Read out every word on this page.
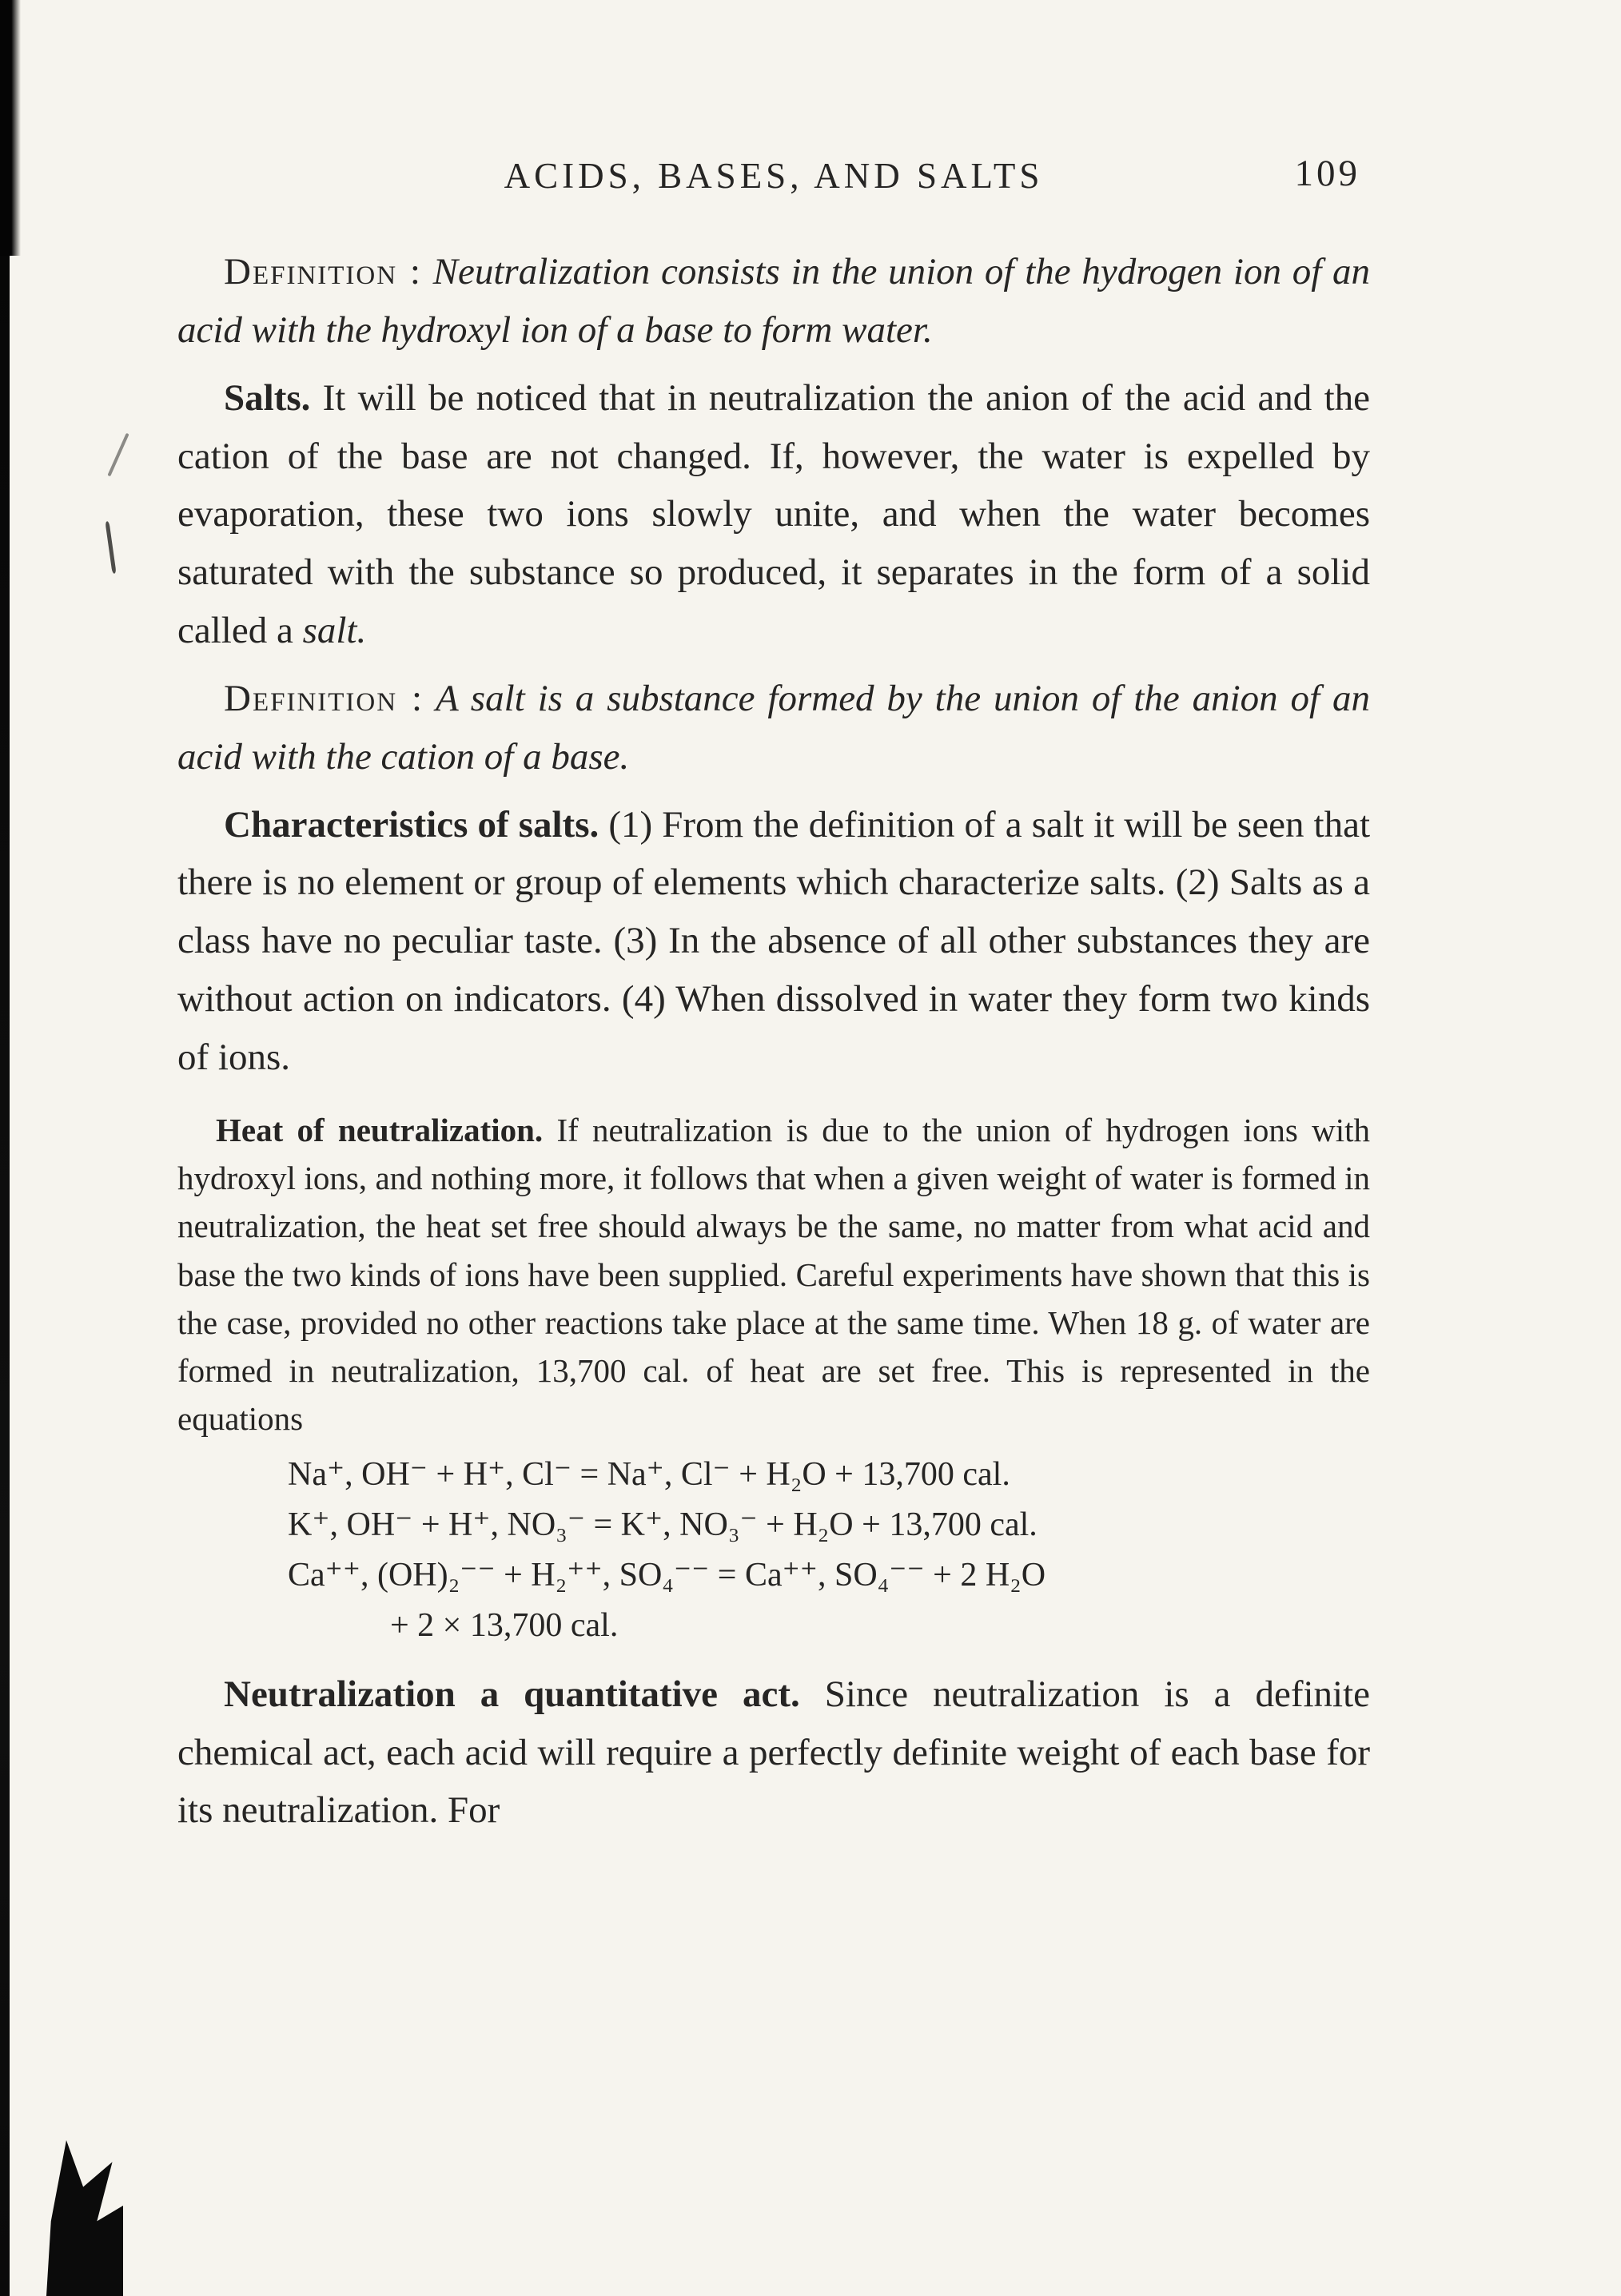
ACIDS, BASES, AND SALTS	109

Definition : Neutralization consists in the union of the hydrogen ion of an acid with the hydroxyl ion of a base to form water.

Salts. It will be noticed that in neutralization the anion of the acid and the cation of the base are not changed. If, however, the water is expelled by evaporation, these two ions slowly unite, and when the water becomes saturated with the substance so produced, it separates in the form of a solid called a salt.

Definition : A salt is a substance formed by the union of the anion of an acid with the cation of a base.

Characteristics of salts. (1) From the definition of a salt it will be seen that there is no element or group of elements which characterize salts. (2) Salts as a class have no peculiar taste. (3) In the absence of all other substances they are without action on indicators. (4) When dissolved in water they form two kinds of ions.

Heat of neutralization. If neutralization is due to the union of hydrogen ions with hydroxyl ions, and nothing more, it follows that when a given weight of water is formed in neutralization, the heat set free should always be the same, no matter from what acid and base the two kinds of ions have been supplied. Careful experiments have shown that this is the case, provided no other reactions take place at the same time. When 18 g. of water are formed in neutralization, 13,700 cal. of heat are set free. This is represented in the equations

Na⁺, OH⁻ + H⁺, Cl⁻ = Na⁺, Cl⁻ + H₂O + 13,700 cal.
K⁺, OH⁻ + H⁺, NO₃⁻ = K⁺, NO₃⁻ + H₂O + 13,700 cal.
Ca⁺⁺, (OH)₂⁻⁻ + H₂⁺⁺, SO₄⁻⁻ = Ca⁺⁺, SO₄⁻⁻ + 2 H₂O
+ 2 × 13,700 cal.

Neutralization a quantitative act. Since neutralization is a definite chemical act, each acid will require a perfectly definite weight of each base for its neutralization. For
